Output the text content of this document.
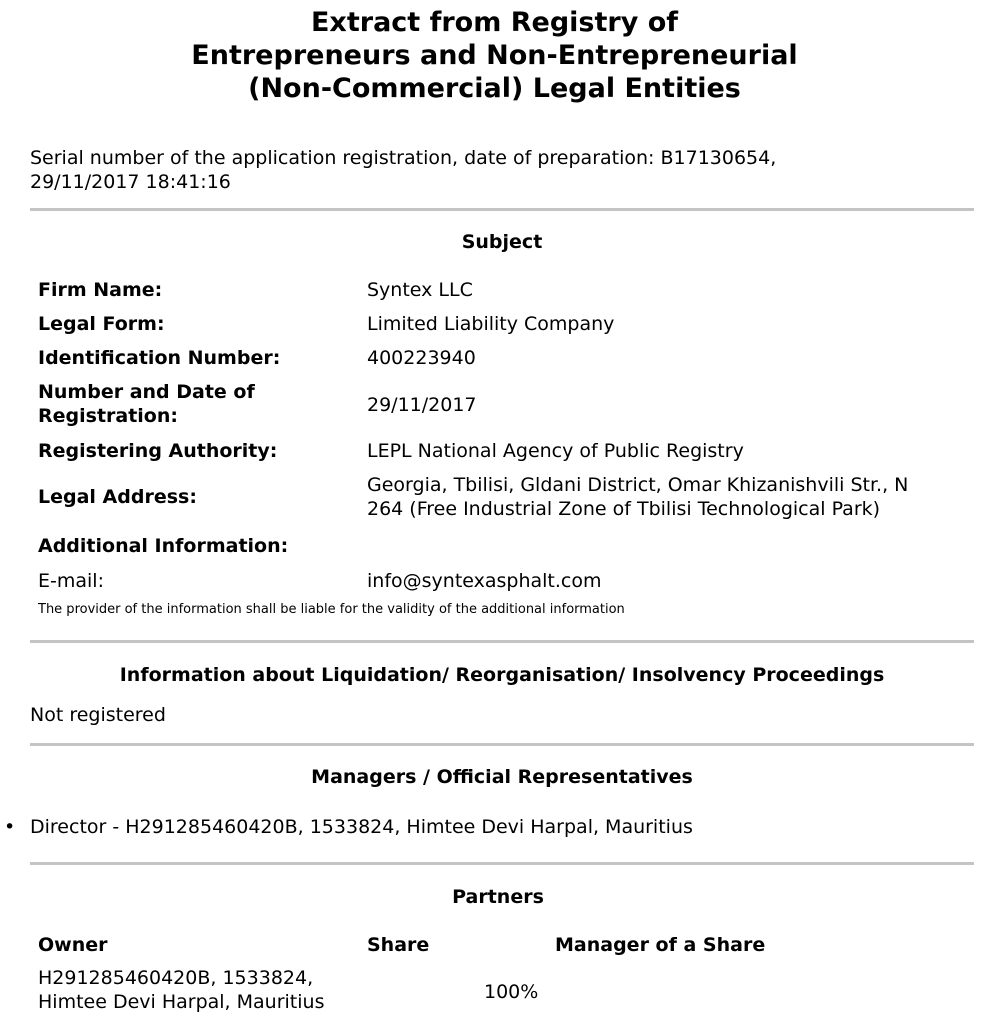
Extract from Registry of
Entrepreneurs and Non-Entrepreneurial
(Non-Commercial) Legal Entities
Serial number of the application registration, date of preparation: B17130654,
29/11/2017 18:41:16
Subject
Firm Name:	Syntex LLC
Legal Form:	Limited Liability Company
Identification Number:	400223940
Number and Date of
Registration:	29/11/2017
Registering Authority:	LEPL National Agency of Public Registry
Legal Address:
Georgia, Tbilisi, Gldani District, Omar Khizanishvili Str., N
264 (Free Industrial Zone of Tbilisi Technological Park)
Additional Information:
E-mail:	info@syntexasphalt.com
The provider of the information shall be liable for the validity of the additional information
Information about Liquidation/ Reorganisation/ Insolvency Proceedings
Not registered
Managers / Official Representatives
• Director - H291285460420B, 1533824, Himtee Devi Harpal, Mauritius
Partners
Owner	Share	Manager of a Share
H291285460420B, 1533824,
Himtee Devi Harpal, Mauritius	100%
